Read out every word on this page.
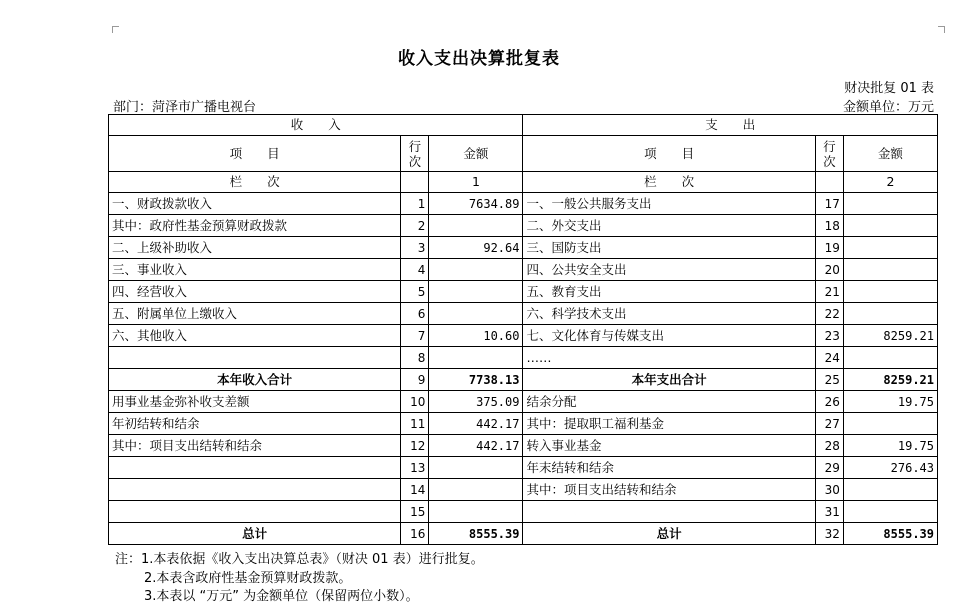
收入支出决算批复表
财决批复 01 表
部门：菏泽市广播电视台	金额单位：万元
收　　入			支　　出		
项　　目	行次	金额	项　　目	行次	金额
栏　　次		1	栏　　次		2
一、财政拨款收入	1	7634.89	一、一般公共服务支出	17	
其中：政府性基金预算财政拨款	2		二、外交支出	18	
二、上级补助收入	3	92.64	三、国防支出	19	
三、事业收入	4		四、公共安全支出	20	
四、经营收入	5		五、教育支出	21	
五、附属单位上缴收入	6		六、科学技术支出	22	
六、其他收入	7	10.60	七、文化体育与传媒支出	23	8259.21
	8		……	24	
本年收入合计	9	7738.13	本年支出合计	25	8259.21
用事业基金弥补收支差额	10	375.09	结余分配	26	19.75
年初结转和结余	11	442.17	其中：提取职工福利基金	27	
其中：项目支出结转和结余	12	442.17	转入事业基金	28	19.75
	13		年末结转和结余	29	276.43
	14		其中：项目支出结转和结余	30	
	15			31	
总计	16	8555.39	总计	32	8555.39
注：1.本表依据《收入支出决算总表》（财决 01 表）进行批复。
2.本表含政府性基金预算财政拨款。
3.本表以 “万元” 为金额单位（保留两位小数）。
